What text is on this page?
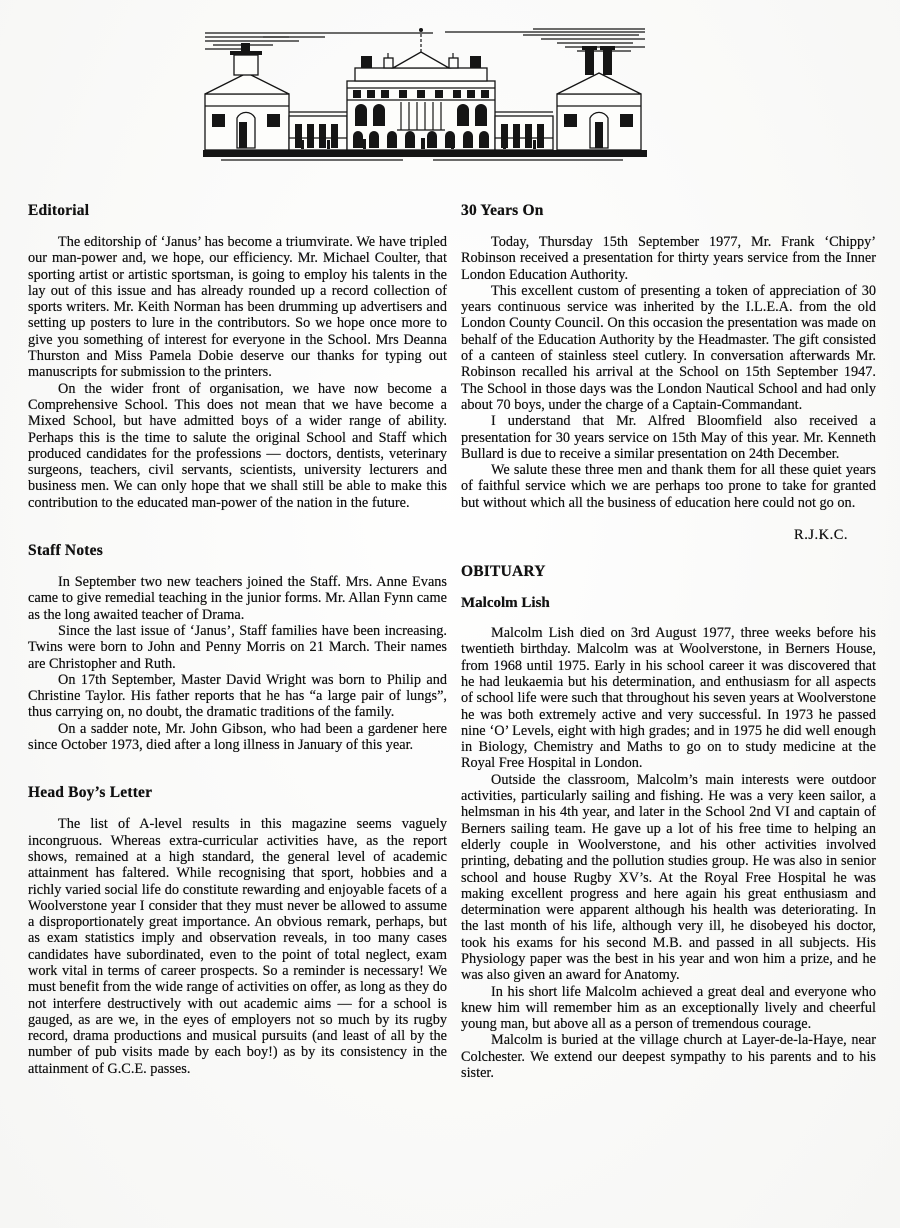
Editorial

The editorship of ‘Janus’ has become a triumvirate. We have tripled our man-power and, we hope, our efficiency. Mr. Michael Coulter, that sporting artist or artistic sportsman, is going to employ his talents in the lay out of this issue and has already rounded up a record collection of sports writers. Mr. Keith Norman has been drumming up advertisers and setting up posters to lure in the contributors. So we hope once more to give you something of interest for everyone in the School. Mrs Deanna Thurston and Miss Pamela Dobie deserve our thanks for typing out manuscripts for submission to the printers.

On the wider front of organisation, we have now become a Comprehensive School. This does not mean that we have become a Mixed School, but have admitted boys of a wider range of ability. Perhaps this is the time to salute the original School and Staff which produced candidates for the professions — doctors, dentists, veterinary surgeons, teachers, civil servants, scientists, university lecturers and business men. We can only hope that we shall still be able to make this contribution to the educated man-power of the nation in the future.

Staff Notes

In September two new teachers joined the Staff. Mrs. Anne Evans came to give remedial teaching in the junior forms. Mr. Allan Fynn came as the long awaited teacher of Drama.

Since the last issue of ‘Janus’, Staff families have been increasing. Twins were born to John and Penny Morris on 21 March. Their names are Christopher and Ruth.

On 17th September, Master David Wright was born to Philip and Christine Taylor. His father reports that he has “a large pair of lungs”, thus carrying on, no doubt, the dramatic traditions of the family.

On a sadder note, Mr. John Gibson, who had been a gardener here since October 1973, died after a long illness in January of this year.

Head Boy’s Letter

The list of A-level results in this magazine seems vaguely incongruous. Whereas extra-curricular activities have, as the report shows, remained at a high standard, the general level of academic attainment has faltered. While recognising that sport, hobbies and a richly varied social life do constitute rewarding and enjoyable facets of a Woolverstone year I consider that they must never be allowed to assume a disproportionately great importance. An obvious remark, perhaps, but as exam statistics imply and observation reveals, in too many cases candidates have subordinated, even to the point of total neglect, exam work vital in terms of career prospects. So a reminder is necessary! We must benefit from the wide range of activities on offer, as long as they do not interfere destructively with out academic aims — for a school is gauged, as are we, in the eyes of employers not so much by its rugby record, drama productions and musical pursuits (and least of all by the number of pub visits made by each boy!) as by its consistency in the attainment of G.C.E. passes.

30 Years On

Today, Thursday 15th September 1977, Mr. Frank ‘Chippy’ Robinson received a presentation for thirty years service from the Inner London Education Authority.

This excellent custom of presenting a token of appreciation of 30 years continuous service was inherited by the I.L.E.A. from the old London County Council. On this occasion the presentation was made on behalf of the Education Authority by the Headmaster. The gift consisted of a canteen of stainless steel cutlery. In conversation afterwards Mr. Robinson recalled his arrival at the School on 15th September 1947. The School in those days was the London Nautical School and had only about 70 boys, under the charge of a Captain-Commandant.

I understand that Mr. Alfred Bloomfield also received a presentation for 30 years service on 15th May of this year. Mr. Kenneth Bullard is due to receive a similar presentation on 24th December.

We salute these three men and thank them for all these quiet years of faithful service which we are perhaps too prone to take for granted but without which all the business of education here could not go on.

R.J.K.C.

OBITUARY
Malcolm Lish

Malcolm Lish died on 3rd August 1977, three weeks before his twentieth birthday. Malcolm was at Woolverstone, in Berners House, from 1968 until 1975. Early in his school career it was discovered that he had leukaemia but his determination, and enthusiasm for all aspects of school life were such that throughout his seven years at Woolverstone he was both extremely active and very successful. In 1973 he passed nine ‘O’ Levels, eight with high grades; and in 1975 he did well enough in Biology, Chemistry and Maths to go on to study medicine at the Royal Free Hospital in London.

Outside the classroom, Malcolm’s main interests were outdoor activities, particularly sailing and fishing. He was a very keen sailor, a helmsman in his 4th year, and later in the School 2nd VI and captain of Berners sailing team. He gave up a lot of his free time to helping an elderly couple in Woolverstone, and his other activities involved printing, debating and the pollution studies group. He was also in senior school and house Rugby XV’s. At the Royal Free Hospital he was making excellent progress and here again his great enthusiasm and determination were apparent although his health was deteriorating. In the last month of his life, although very ill, he disobeyed his doctor, took his exams for his second M.B. and passed in all subjects. His Physiology paper was the best in his year and won him a prize, and he was also given an award for Anatomy.

In his short life Malcolm achieved a great deal and everyone who knew him will remember him as an exceptionally lively and cheerful young man, but above all as a person of tremendous courage.

Malcolm is buried at the village church at Layer-de-la-Haye, near Colchester. We extend our deepest sympathy to his parents and to his sister.
